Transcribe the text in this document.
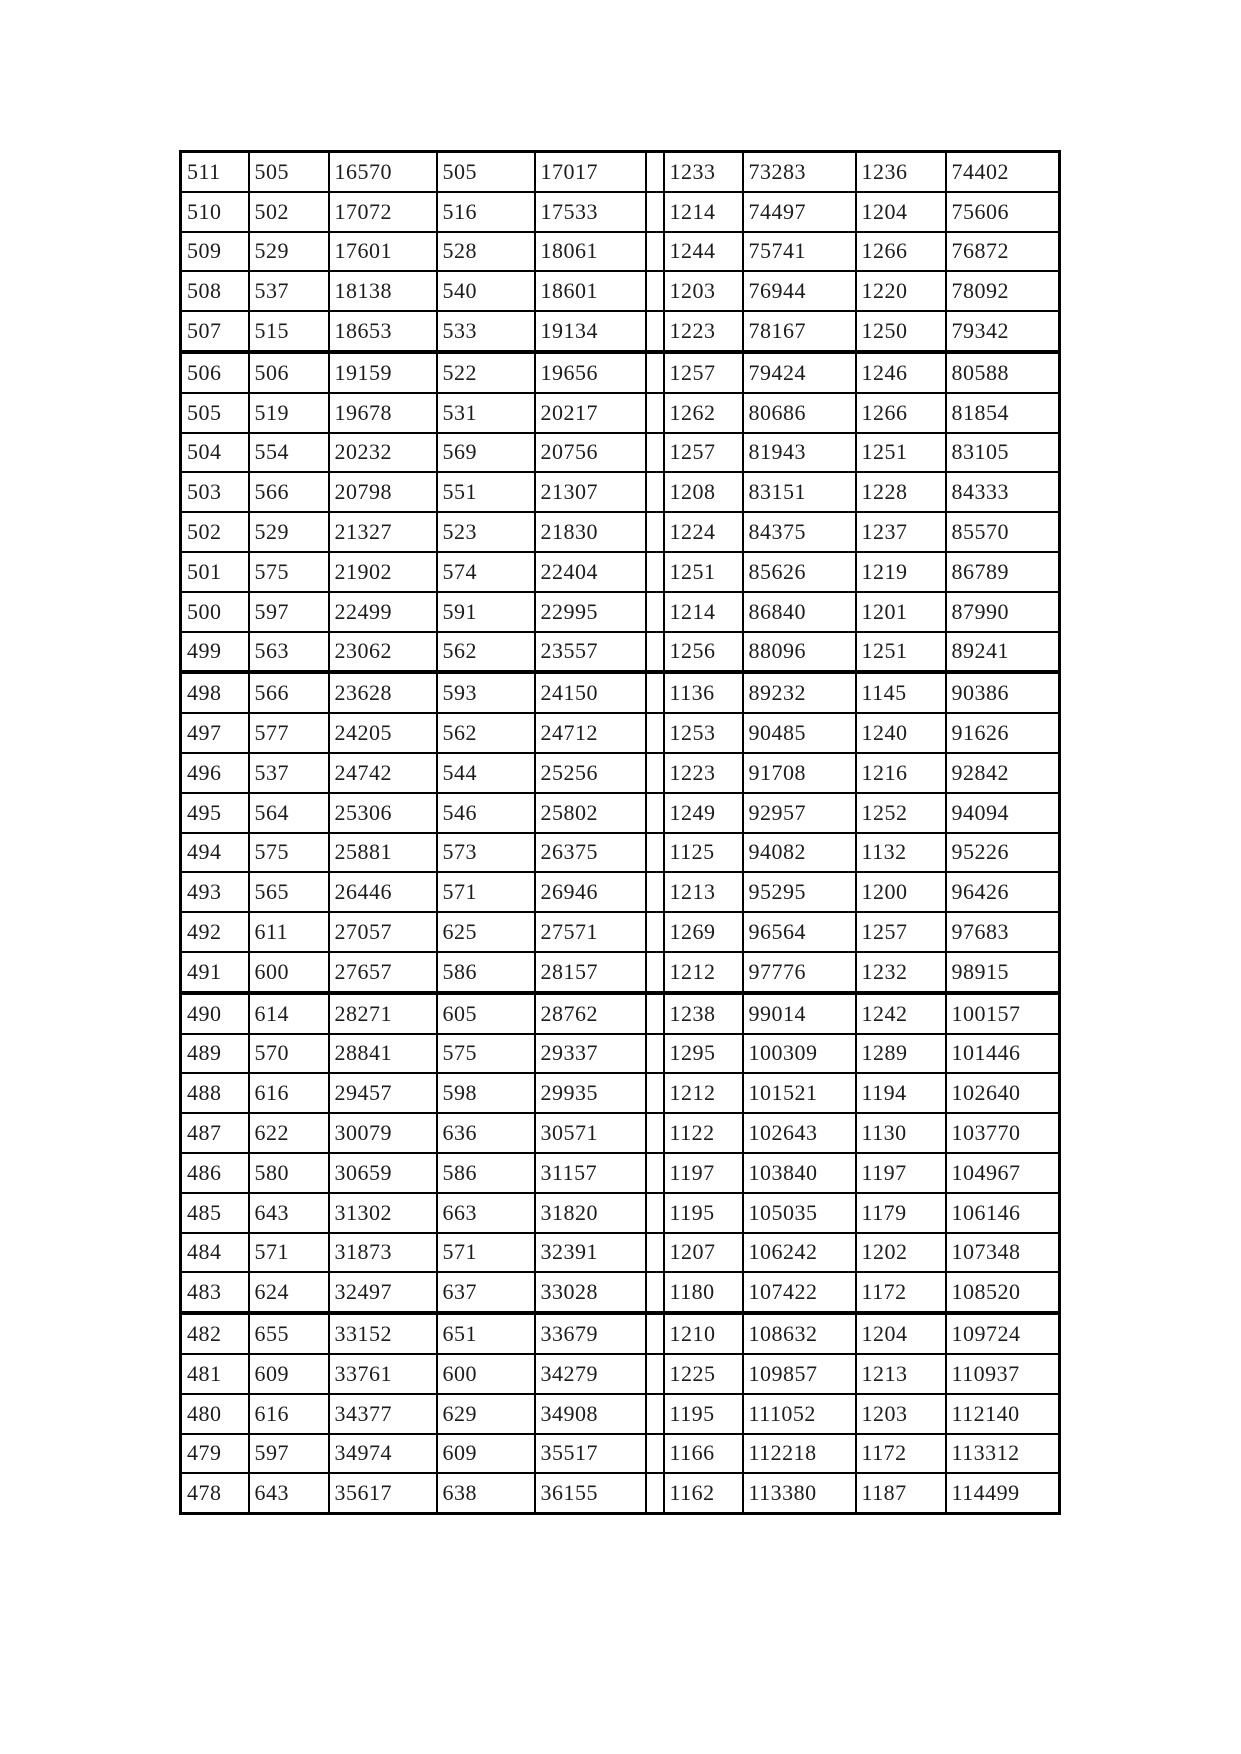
511	505	16570	505	17017		1233	73283	1236	74402
510	502	17072	516	17533		1214	74497	1204	75606
509	529	17601	528	18061		1244	75741	1266	76872
508	537	18138	540	18601		1203	76944	1220	78092
507	515	18653	533	19134		1223	78167	1250	79342
506	506	19159	522	19656		1257	79424	1246	80588
505	519	19678	531	20217		1262	80686	1266	81854
504	554	20232	569	20756		1257	81943	1251	83105
503	566	20798	551	21307		1208	83151	1228	84333
502	529	21327	523	21830		1224	84375	1237	85570
501	575	21902	574	22404		1251	85626	1219	86789
500	597	22499	591	22995		1214	86840	1201	87990
499	563	23062	562	23557		1256	88096	1251	89241
498	566	23628	593	24150		1136	89232	1145	90386
497	577	24205	562	24712		1253	90485	1240	91626
496	537	24742	544	25256		1223	91708	1216	92842
495	564	25306	546	25802		1249	92957	1252	94094
494	575	25881	573	26375		1125	94082	1132	95226
493	565	26446	571	26946		1213	95295	1200	96426
492	611	27057	625	27571		1269	96564	1257	97683
491	600	27657	586	28157		1212	97776	1232	98915
490	614	28271	605	28762		1238	99014	1242	100157
489	570	28841	575	29337		1295	100309	1289	101446
488	616	29457	598	29935		1212	101521	1194	102640
487	622	30079	636	30571		1122	102643	1130	103770
486	580	30659	586	31157		1197	103840	1197	104967
485	643	31302	663	31820		1195	105035	1179	106146
484	571	31873	571	32391		1207	106242	1202	107348
483	624	32497	637	33028		1180	107422	1172	108520
482	655	33152	651	33679		1210	108632	1204	109724
481	609	33761	600	34279		1225	109857	1213	110937
480	616	34377	629	34908		1195	111052	1203	112140
479	597	34974	609	35517		1166	112218	1172	113312
478	643	35617	638	36155		1162	113380	1187	114499
